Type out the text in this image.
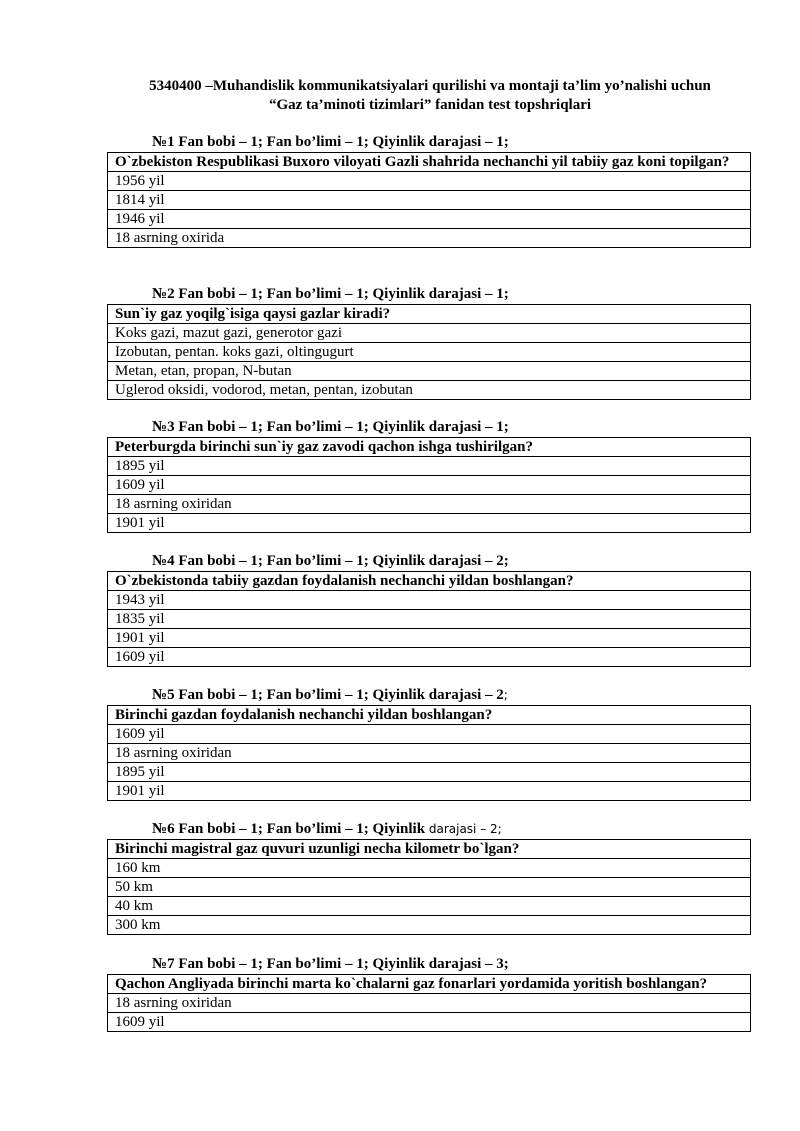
5340400 –Muhandislik kommunikatsiyalari qurilishi va montaji ta’lim yo’nalishi uchun
“Gaz ta’minoti tizimlari” fanidan test topshriqlari
№1 Fan bobi – 1; Fan bo’limi – 1; Qiyinlik darajasi – 1;
O`zbekiston Respublikasi Buxoro viloyati Gazli shahrida nechanchi yil tabiiy gaz koni topilgan?
1956 yil
1814 yil
1946 yil
18 asrning oxirida
№2 Fan bobi – 1; Fan bo’limi – 1; Qiyinlik darajasi – 1;
Sun`iy gaz yoqilg`isiga qaysi gazlar kiradi?
Koks gazi, mazut gazi, generotor gazi
Izobutan, pentan. koks gazi, oltingugurt
Metan, etan, propan, N-butan
Uglerod oksidi, vodorod, metan, pentan, izobutan
№3 Fan bobi – 1; Fan bo’limi – 1; Qiyinlik darajasi – 1;
Peterburgda birinchi sun`iy gaz zavodi qachon ishga tushirilgan?
1895 yil
1609 yil
18 asrning oxiridan
1901 yil
№4 Fan bobi – 1; Fan bo’limi – 1; Qiyinlik darajasi – 2;
O`zbekistonda tabiiy gazdan foydalanish nechanchi yildan boshlangan?
1943 yil
1835 yil
1901 yil
1609 yil
№5 Fan bobi – 1; Fan bo’limi – 1; Qiyinlik darajasi – 2;
Birinchi gazdan foydalanish nechanchi yildan boshlangan?
1609 yil
18 asrning oxiridan
1895 yil
1901 yil
№6 Fan bobi – 1; Fan bo’limi – 1; Qiyinlik darajasi – 2;
Birinchi magistral gaz quvuri uzunligi necha kilometr bo`lgan?
160 km
50 km
40 km
300 km
№7 Fan bobi – 1; Fan bo’limi – 1; Qiyinlik darajasi – 3;
Qachon Angliyada birinchi marta ko`chalarni gaz fonarlari yordamida yoritish boshlangan?
18 asrning oxiridan
1609 yil
